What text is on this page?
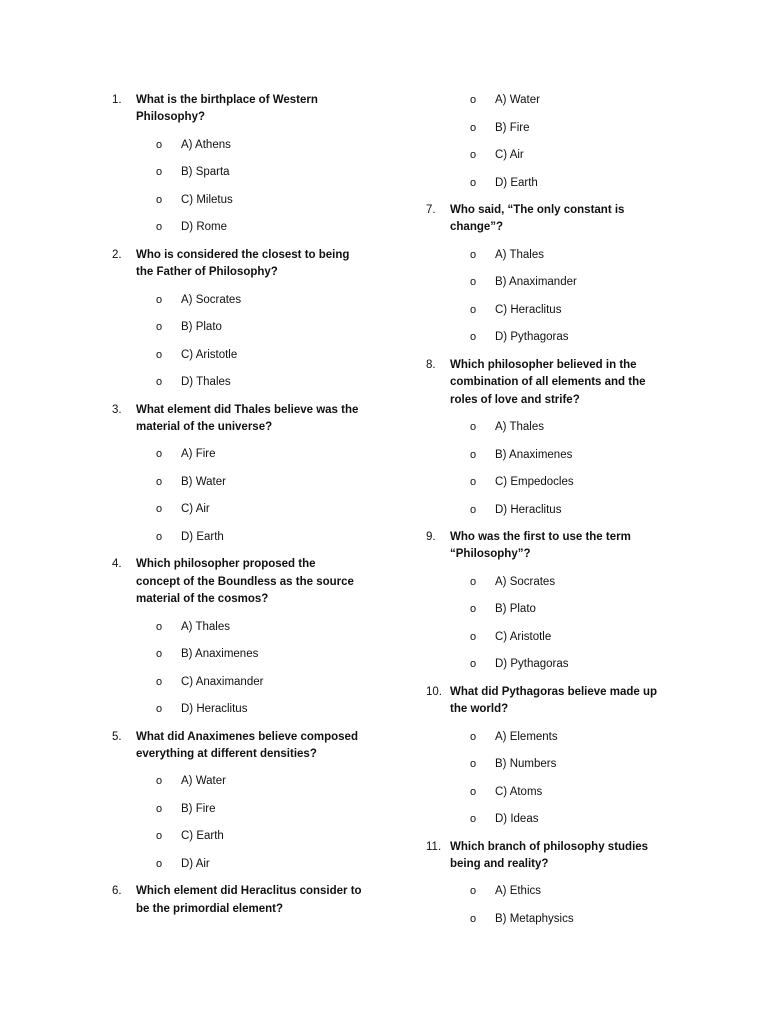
1. What is the birthplace of Western Philosophy?
o A) Athens
o B) Sparta
o C) Miletus
o D) Rome
2. Who is considered the closest to being the Father of Philosophy?
o A) Socrates
o B) Plato
o C) Aristotle
o D) Thales
3. What element did Thales believe was the material of the universe?
o A) Fire
o B) Water
o C) Air
o D) Earth
4. Which philosopher proposed the concept of the Boundless as the source material of the cosmos?
o A) Thales
o B) Anaximenes
o C) Anaximander
o D) Heraclitus
5. What did Anaximenes believe composed everything at different densities?
o A) Water
o B) Fire
o C) Earth
o D) Air
6. Which element did Heraclitus consider to be the primordial element?
o A) Water
o B) Fire
o C) Air
o D) Earth
7. Who said, “The only constant is change”?
o A) Thales
o B) Anaximander
o C) Heraclitus
o D) Pythagoras
8. Which philosopher believed in the combination of all elements and the roles of love and strife?
o A) Thales
o B) Anaximenes
o C) Empedocles
o D) Heraclitus
9. Who was the first to use the term “Philosophy”?
o A) Socrates
o B) Plato
o C) Aristotle
o D) Pythagoras
10. What did Pythagoras believe made up the world?
o A) Elements
o B) Numbers
o C) Atoms
o D) Ideas
11. Which branch of philosophy studies being and reality?
o A) Ethics
o B) Metaphysics
